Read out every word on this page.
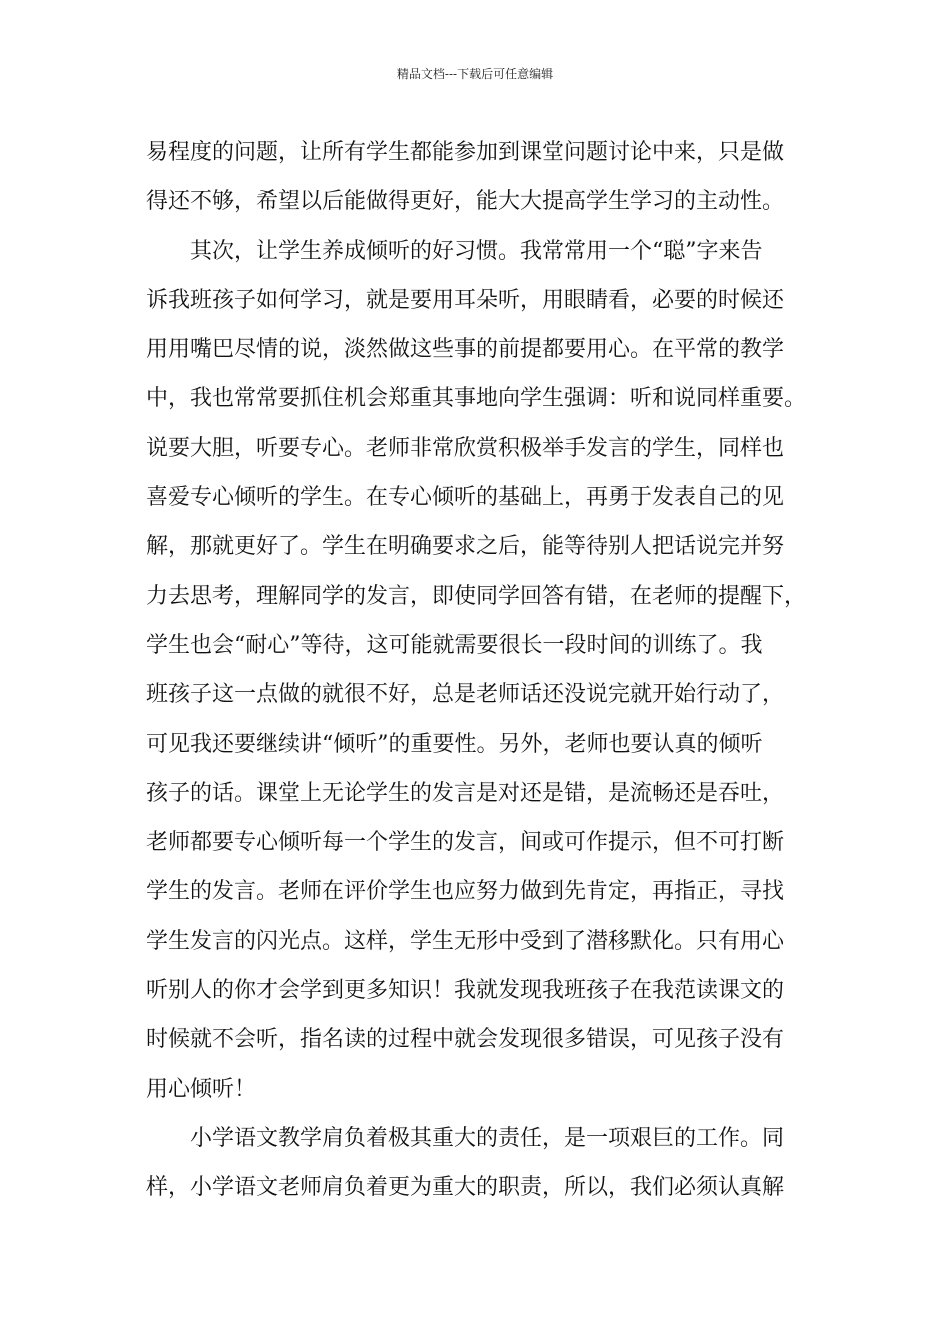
精品文档---下载后可任意编辑
易程度的问题，让所有学生都能参加到课堂问题讨论中来，只是做
得还不够，希望以后能做得更好，能大大提高学生学习的主动性。
其次，让学生养成倾听的好习惯。我常常用一个“聪”字来告
诉我班孩子如何学习，就是要用耳朵听，用眼睛看，必要的时候还
用用嘴巴尽情的说，淡然做这些事的前提都要用心。在平常的教学
中，我也常常要抓住机会郑重其事地向学生强调：听和说同样重要。
说要大胆，听要专心。老师非常欣赏积极举手发言的学生，同样也
喜爱专心倾听的学生。在专心倾听的基础上，再勇于发表自己的见
解，那就更好了。学生在明确要求之后，能等待别人把话说完并努
力去思考，理解同学的发言，即使同学回答有错，在老师的提醒下，
学生也会“耐心”等待，这可能就需要很长一段时间的训练了。我
班孩子这一点做的就很不好，总是老师话还没说完就开始行动了，
可见我还要继续讲“倾听”的重要性。另外，老师也要认真的倾听
孩子的话。课堂上无论学生的发言是对还是错，是流畅还是吞吐，
老师都要专心倾听每一个学生的发言，间或可作提示，但不可打断
学生的发言。老师在评价学生也应努力做到先肯定，再指正，寻找
学生发言的闪光点。这样，学生无形中受到了潜移默化。只有用心
听别人的你才会学到更多知识！我就发现我班孩子在我范读课文的
时候就不会听，指名读的过程中就会发现很多错误，可见孩子没有
用心倾听！
小学语文教学肩负着极其重大的责任，是一项艰巨的工作。同
样，小学语文老师肩负着更为重大的职责，所以，我们必须认真解
